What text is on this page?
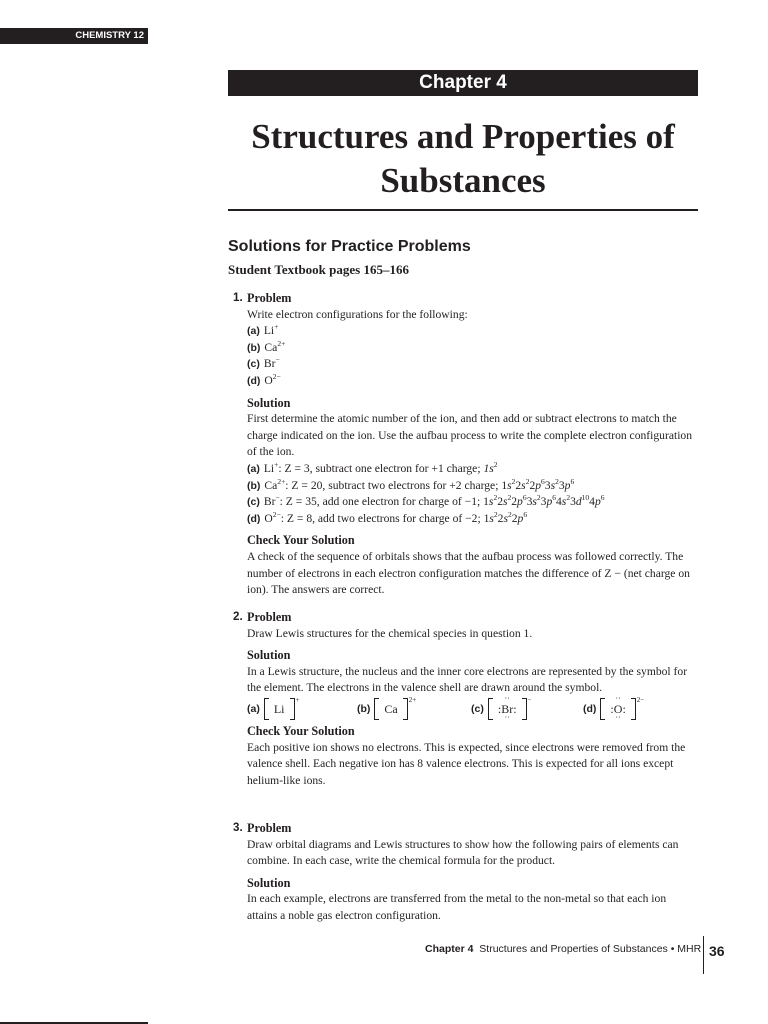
CHEMISTRY 12
Chapter 4
Structures and Properties of Substances
Solutions for Practice Problems
Student Textbook pages 165–166
1. Problem
Write electron configurations for the following:
(a) Li+
(b) $Ca^{2+}$
(c) Br−
(d) $O^{2-}$
Solution
First determine the atomic number of the ion, and then add or subtract electrons to match the charge indicated on the ion. Use the aufbau process to write the complete electron configuration of the ion.
(a) Li+: Z = 3, subtract one electron for +1 charge; $1s^2$
(b) $Ca^{2+}$: Z = 20, subtract two electrons for +2 charge; $1s^22s^22p^63s^23p^6$
(c) Br−: Z = 35, add one electron for charge of −1; $1s^22s^22p^63s^23p^64s^23d^{10}4p^6$
(d) $O^{2-}$: Z = 8, add two electrons for charge of −2; $1s^22s^22p^6$
Check Your Solution
A check of the sequence of orbitals shows that the aufbau process was followed correctly. The number of electrons in each electron configuration matches the difference of Z − (net charge on ion). The answers are correct.
2. Problem
Draw Lewis structures for the chemical species in question 1.
Solution
In a Lewis structure, the nucleus and the inner core electrons are represented by the symbol for the element. The electrons in the valence shell are drawn around the symbol.
(a)	Li
+
(b)	Ca
2+
(c)	:Br:
··
··
−
(d)	:O:
··
··
2−
Check Your Solution
Each positive ion shows no electrons. This is expected, since electrons were removed from the valence shell. Each negative ion has 8 valence electrons. This is expected for all ions except helium-like ions.
3. Problem
Draw orbital diagrams and Lewis structures to show how the following pairs of elements can combine. In each case, write the chemical formula for the product.
Solution
In each example, electrons are transferred from the metal to the non-metal so that each ion attains a noble gas electron configuration.
Chapter 4 Structures and Properties of Substances • MHR 36
